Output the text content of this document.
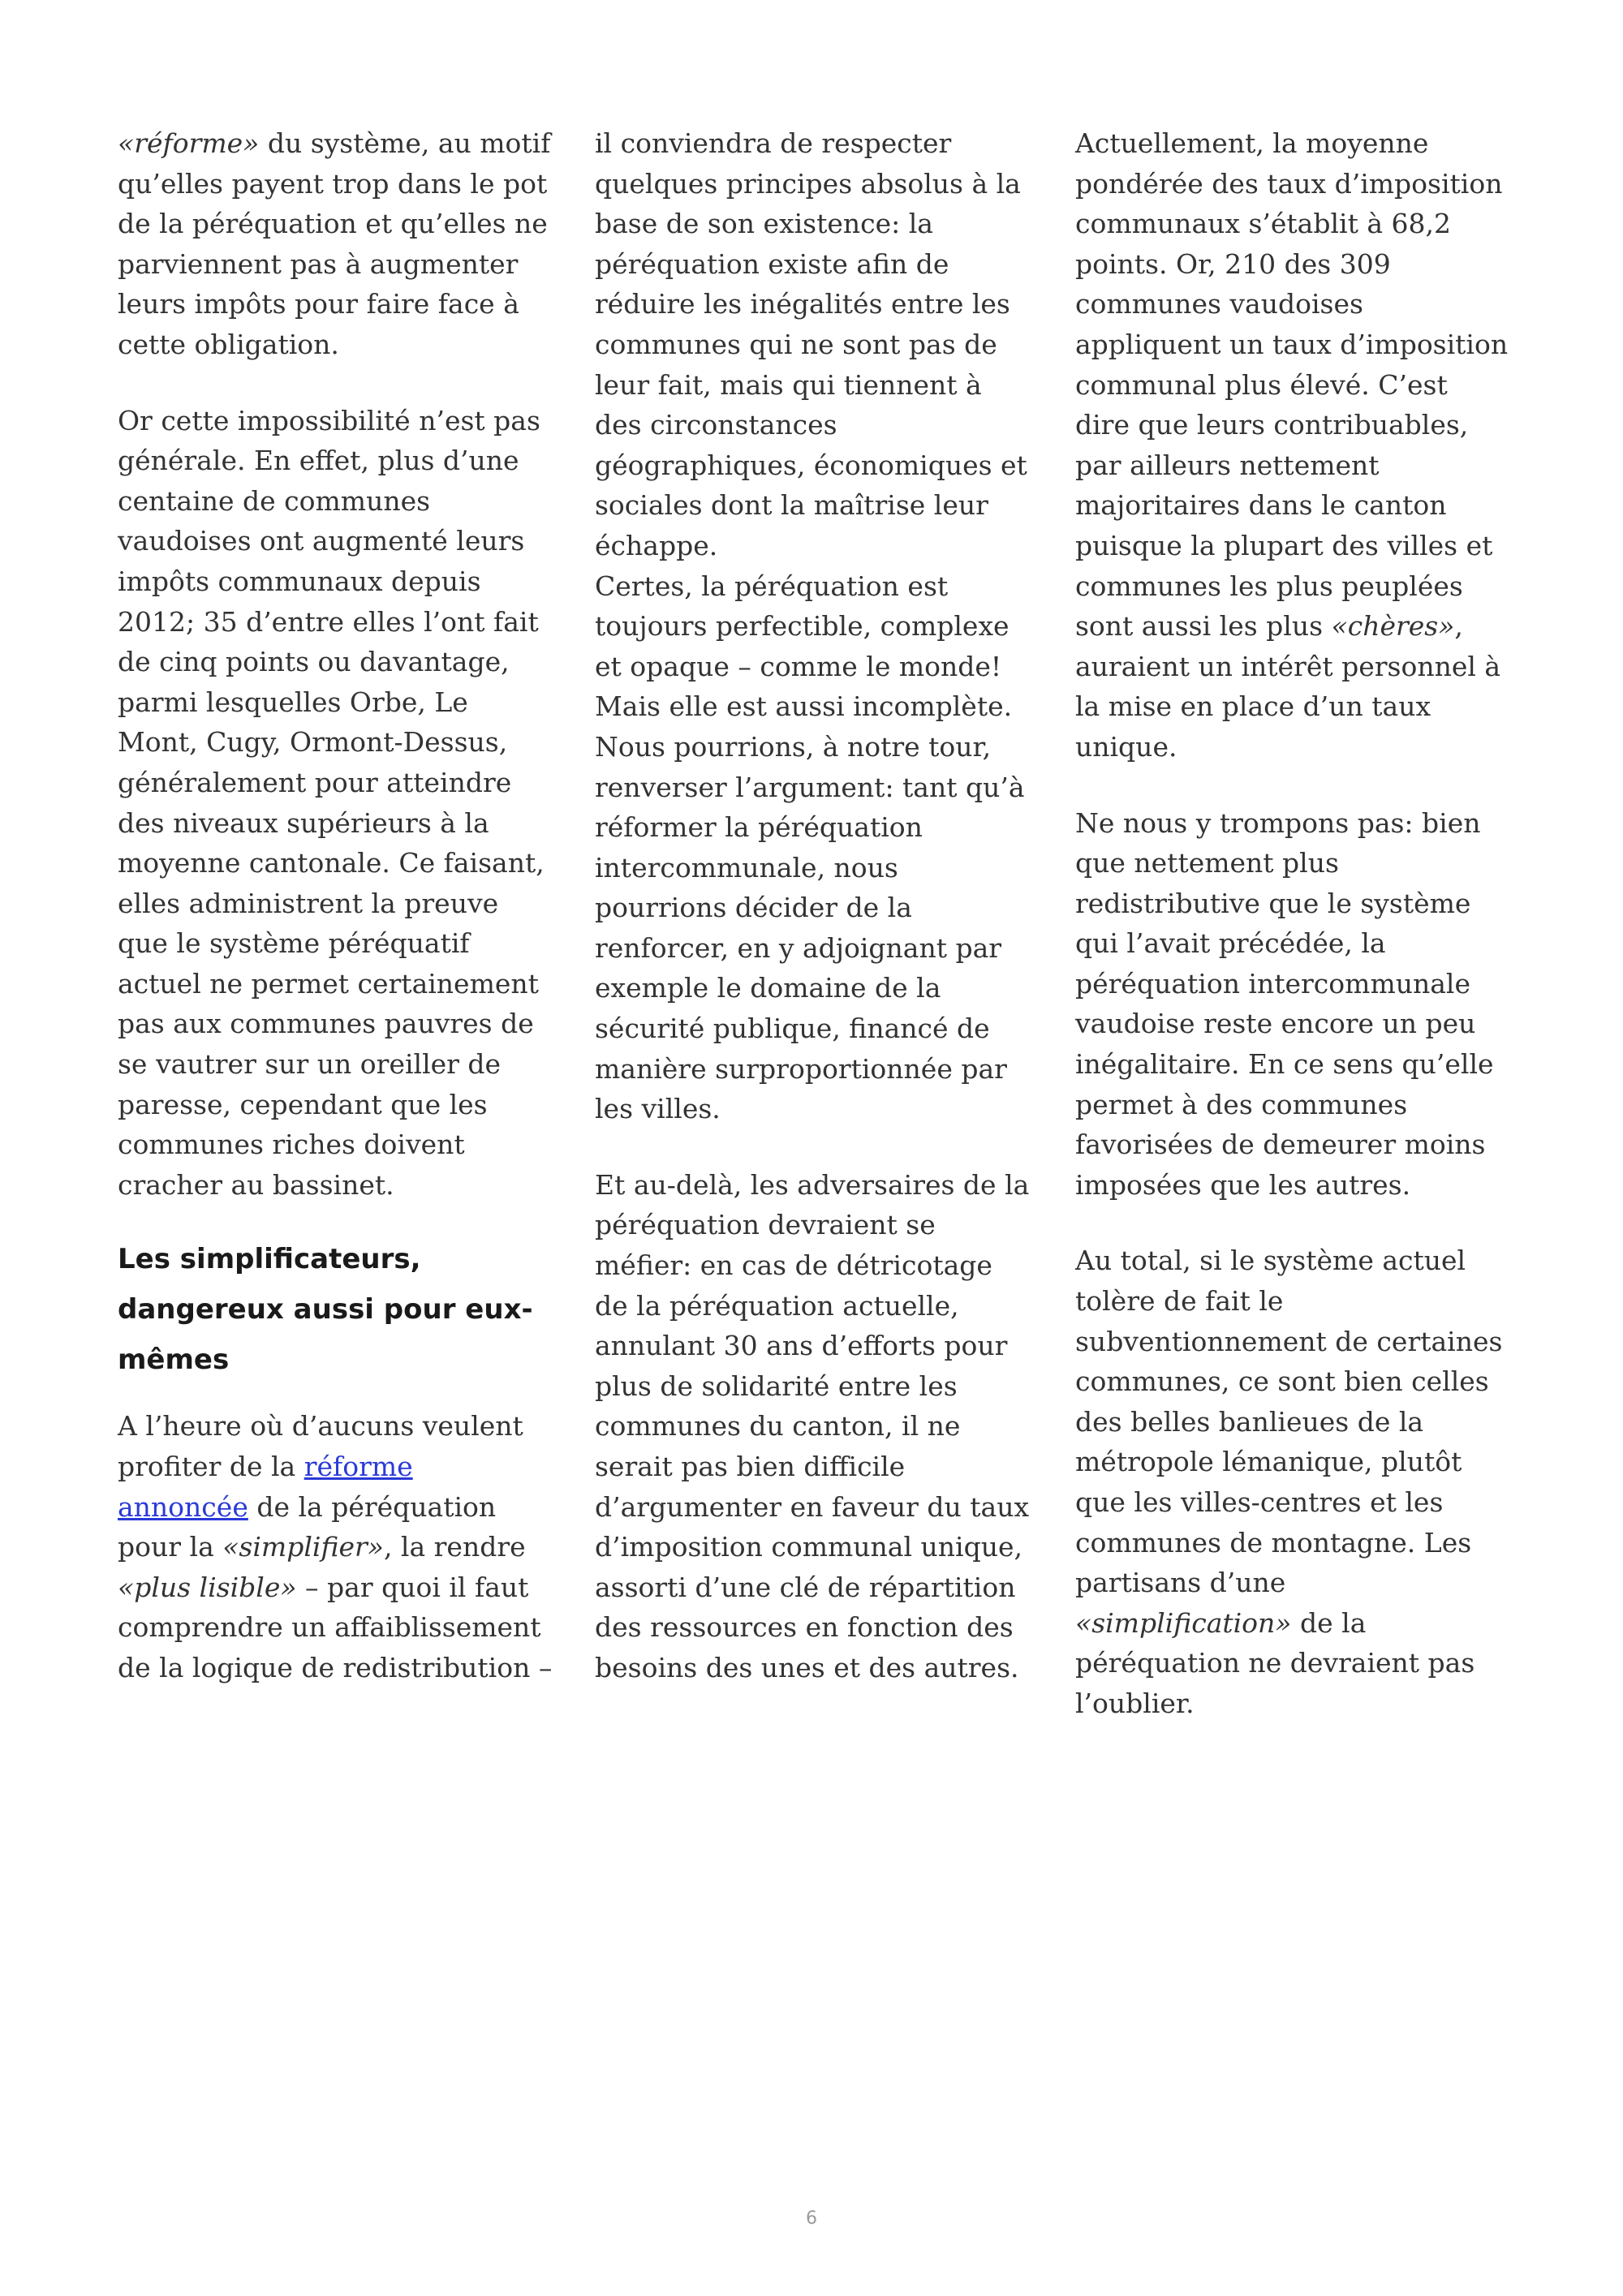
«réforme» du système, au motif
qu’elles payent trop dans le pot
de la péréquation et qu’elles ne
parviennent pas à augmenter
leurs impôts pour faire face à
cette obligation.

Or cette impossibilité n’est pas
générale. En effet, plus d’une
centaine de communes
vaudoises ont augmenté leurs
impôts communaux depuis
2012; 35 d’entre elles l’ont fait
de cinq points ou davantage,
parmi lesquelles Orbe, Le
Mont, Cugy, Ormont-Dessus,
généralement pour atteindre
des niveaux supérieurs à la
moyenne cantonale. Ce faisant,
elles administrent la preuve
que le système péréquatif
actuel ne permet certainement
pas aux communes pauvres de
se vautrer sur un oreiller de
paresse, cependant que les
communes riches doivent
cracher au bassinet.

Les simplificateurs,
dangereux aussi pour eux-
mêmes

A l’heure où d’aucuns veulent
profiter de la réforme
annoncée de la péréquation
pour la «simplifier», la rendre
«plus lisible» – par quoi il faut
comprendre un affaiblissement
de la logique de redistribution –

il conviendra de respecter
quelques principes absolus à la
base de son existence: la
péréquation existe afin de
réduire les inégalités entre les
communes qui ne sont pas de
leur fait, mais qui tiennent à
des circonstances
géographiques, économiques et
sociales dont la maîtrise leur
échappe.

Certes, la péréquation est
toujours perfectible, complexe
et opaque – comme le monde!
Mais elle est aussi incomplète.
Nous pourrions, à notre tour,
renverser l’argument: tant qu’à
réformer la péréquation
intercommunale, nous
pourrions décider de la
renforcer, en y adjoignant par
exemple le domaine de la
sécurité publique, financé de
manière surproportionnée par
les villes.

Et au-delà, les adversaires de la
péréquation devraient se
méfier: en cas de détricotage
de la péréquation actuelle,
annulant 30 ans d’efforts pour
plus de solidarité entre les
communes du canton, il ne
serait pas bien difficile
d’argumenter en faveur du taux
d’imposition communal unique,
assorti d’une clé de répartition
des ressources en fonction des
besoins des unes et des autres.

Actuellement, la moyenne
pondérée des taux d’imposition
communaux s’établit à 68,2
points. Or, 210 des 309
communes vaudoises
appliquent un taux d’imposition
communal plus élevé. C’est
dire que leurs contribuables,
par ailleurs nettement
majoritaires dans le canton
puisque la plupart des villes et
communes les plus peuplées
sont aussi les plus «chères»,
auraient un intérêt personnel à
la mise en place d’un taux
unique.

Ne nous y trompons pas: bien
que nettement plus
redistributive que le système
qui l’avait précédée, la
péréquation intercommunale
vaudoise reste encore un peu
inégalitaire. En ce sens qu’elle
permet à des communes
favorisées de demeurer moins
imposées que les autres.

Au total, si le système actuel
tolère de fait le
subventionnement de certaines
communes, ce sont bien celles
des belles banlieues de la
métropole lémanique, plutôt
que les villes-centres et les
communes de montagne. Les
partisans d’une
«simplification» de la
péréquation ne devraient pas
l’oublier.

6
